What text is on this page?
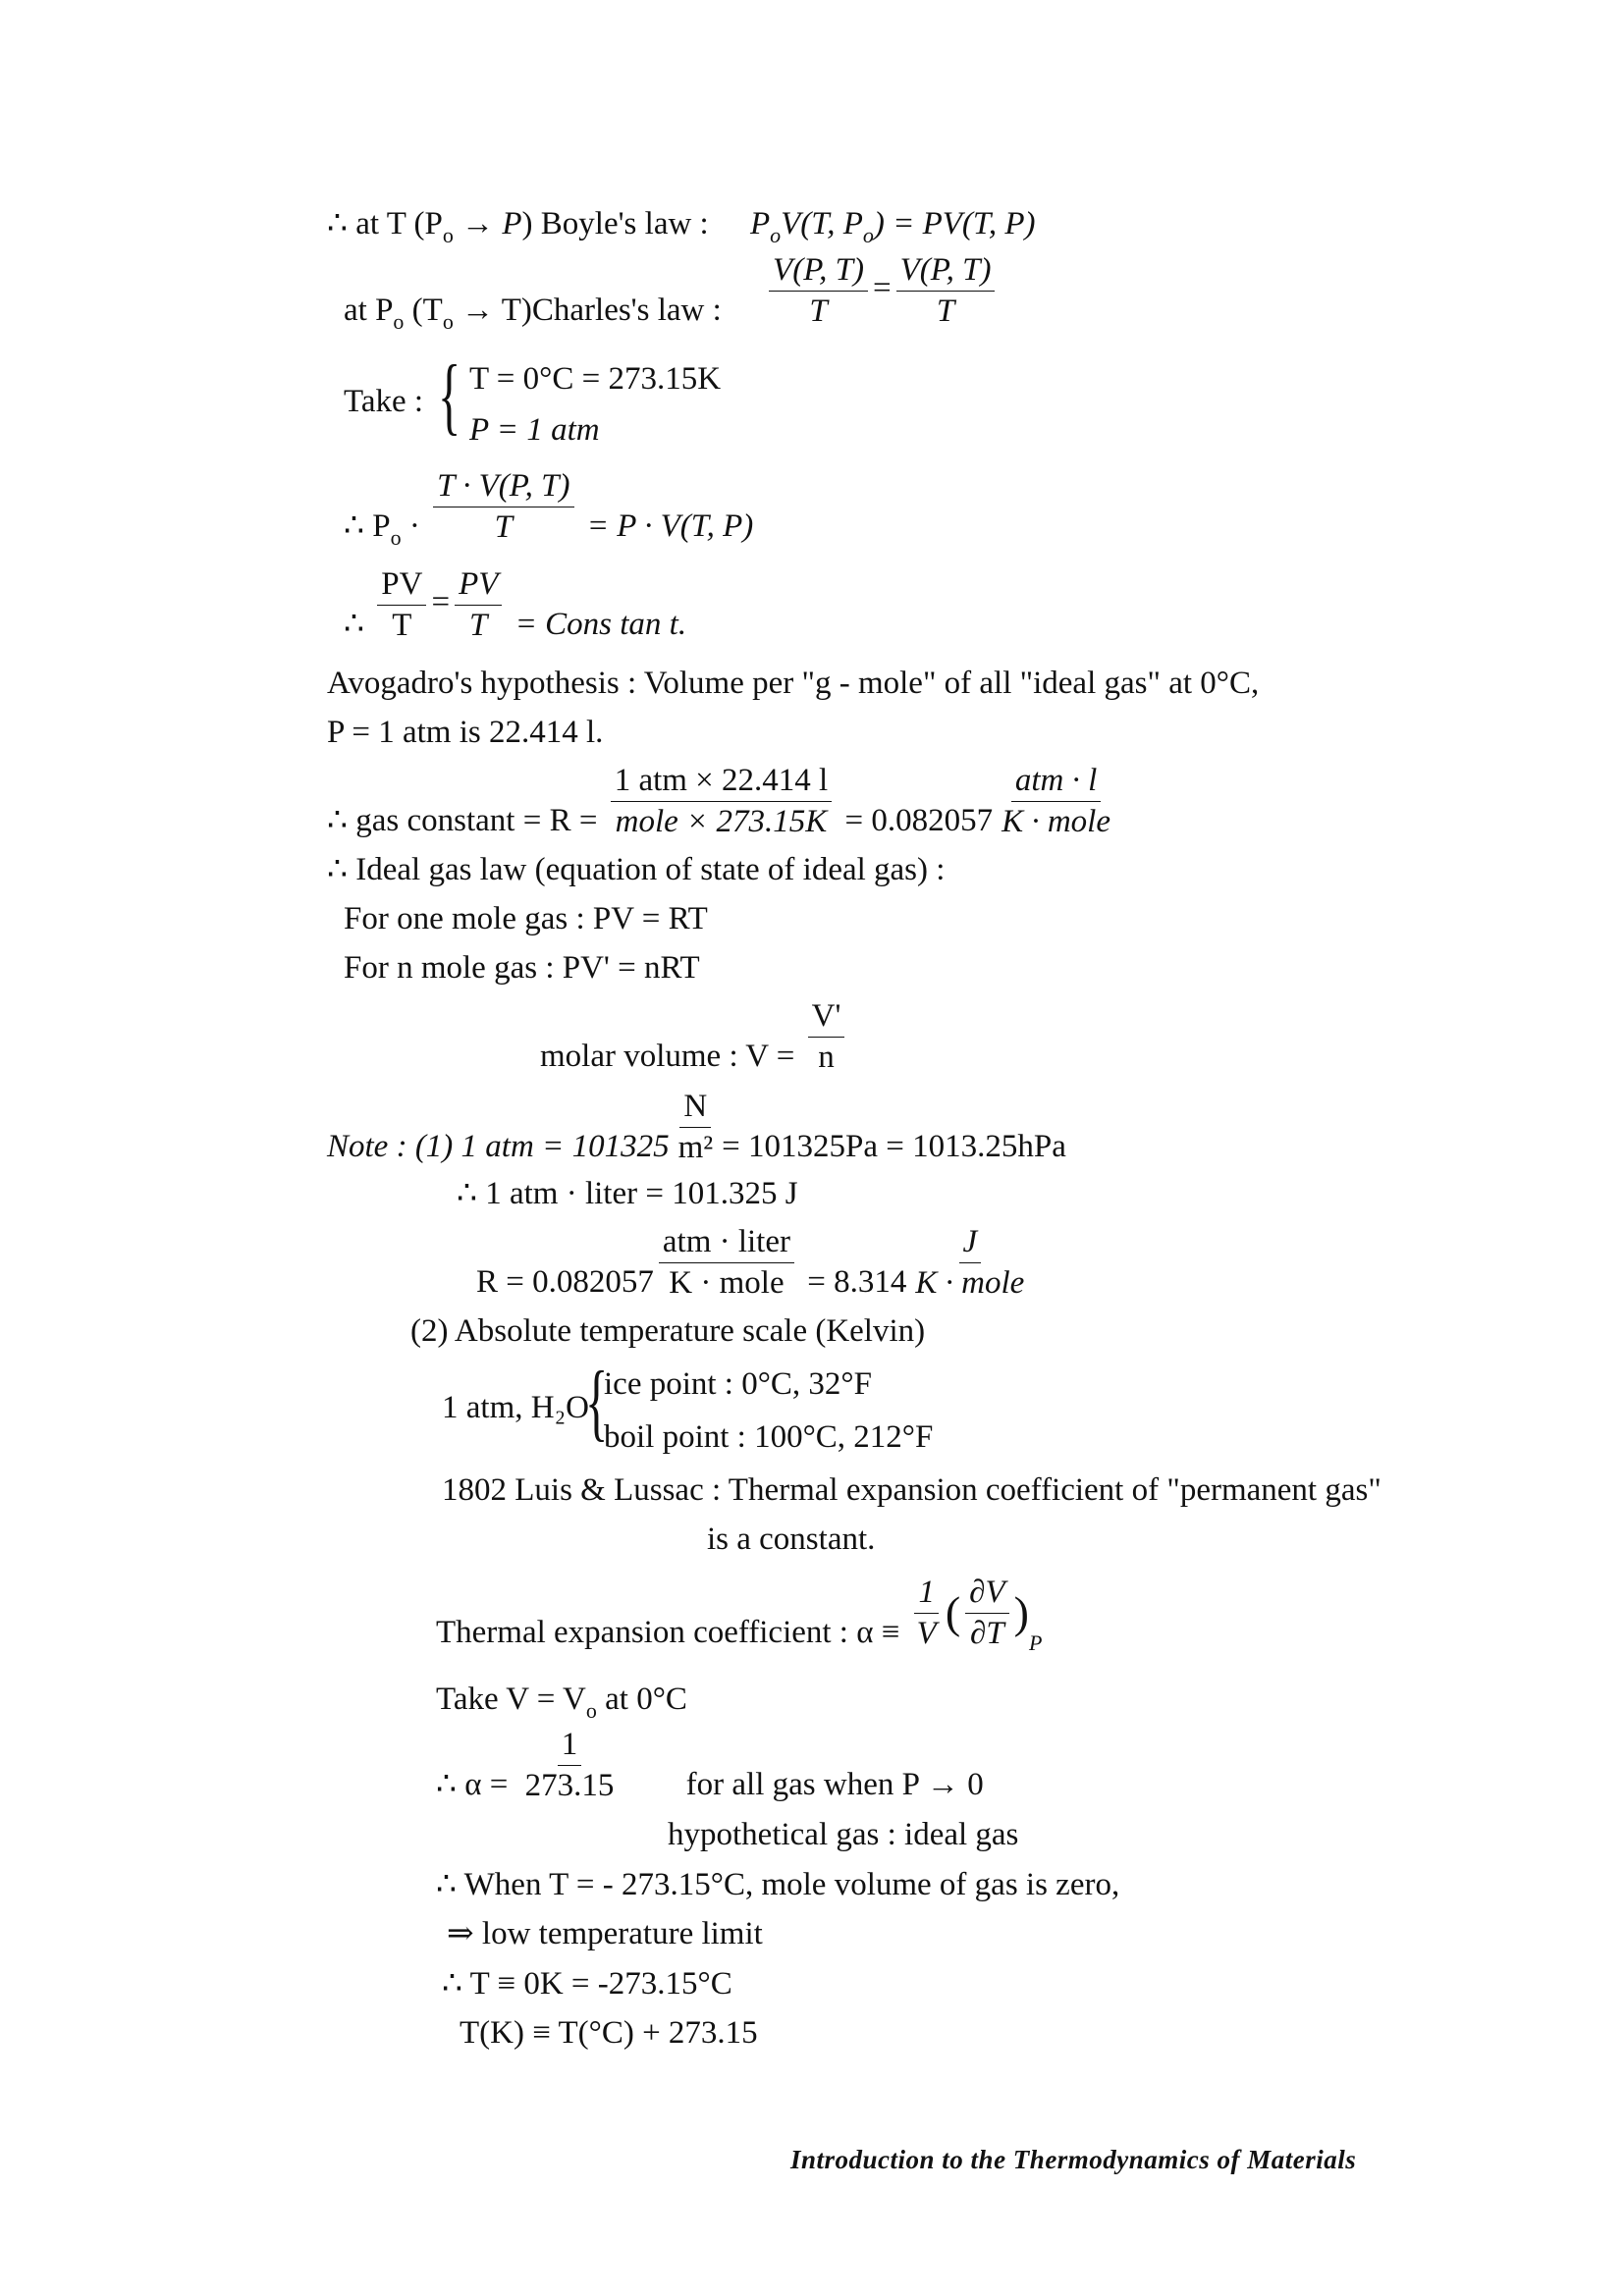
∴ at T $(P_o \to P)$ Boyle's law : $P_oV(T$, $P_o) = PV(T$, P)
at $P_o$ ($T_o$ → T)Charles's law : $\frac{V(P, T)}{T} = \frac{V(P, T)}{T}$
Take : { T = 0°C = 273.15K
P = 1 atm
∴ $P_o \cdot \frac{T \cdot V(P, T)}{T} = P \cdot V(T$, P)
∴ $\frac{PV}{T} = \frac{PV}{T}$ = Cons tan t.
Avogadro's hypothesis : Volume per "g - mole" of all "ideal gas" at 0°C,
P = 1 atm is 22.414 l.
∴ gas constant = $R = \frac{\text{1 atm × 22.414 l}}{\text{mole × 273.15K}} = 0.082057 \frac{\text{atm · l}}{\text{K · mole}}$
∴ Ideal gas law (equation of state of ideal gas) :
For one mole gas : PV = RT
For n mole gas : PV' = nRT
molar volume : $V = \frac{V'}{n}$
Note : (1) 1 atm = $101325 \frac{N}{\text{m²}} = 101325Pa = 1013.25hPa$
∴ 1 atm · liter = 101.325 J
$R = 0.082057 \frac{\text{atm · liter}}{\text{K · mole}} = 8.314 \frac{J}{\text{K · mole}}$
(2) Absolute temperature scale (Kelvin)
1 atm, H₂O
{
ice point : 0°C, 32°F
boil point : 100°C, 212°F
1802 Luis & Lussac : Thermal expansion coefficient of "permanent gas"
is a constant.
Thermal expansion coefficient : $\alpha \equiv \frac{1}{V}$ ( $\frac{\partial V}{\partial T} )_P$
Take $V = V_o$ at 0°C
∴ $\alpha = \frac{1}{273.15}$ for all gas when P → 0
hypothetical gas : ideal gas
∴ When T = - 273.15°C, mole volume of gas is zero,
⇒ low temperature limit
∴ T ≡ 0K = -273.15°C
T(K) ≡ T(°C) + 273.15
Introduction to the Thermodynamics of Materials
